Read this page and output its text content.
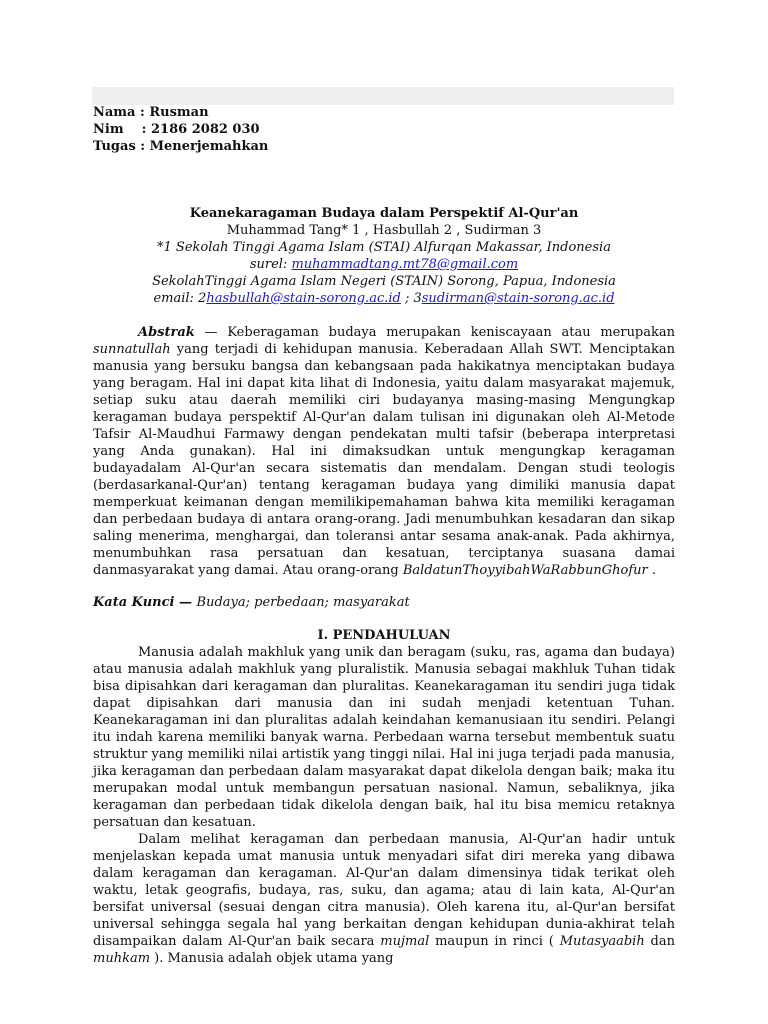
Nama : Rusman
Nim    : 2186 2082 030
Tugas : Menerjemahkan
Keanekaragaman Budaya dalam Perspektif Al-Qur'an
Muhammad Tang* 1 , Hasbullah 2 , Sudirman 3
*1 Sekolah Tinggi Agama Islam (STAI) Alfurqan Makassar, Indonesia
surel: muhammadtang.mt78@gmail.com
SekolahTinggi Agama Islam Negeri (STAIN) Sorong, Papua, Indonesia
email: 2hasbullah@stain-sorong.ac.id ; 3sudirman@stain-sorong.ac.id

Abstrak — Keberagaman budaya merupakan keniscayaan atau merupakan sunnatullah yang terjadi di kehidupan manusia. Keberadaan Allah SWT. Menciptakan manusia yang bersuku bangsa dan kebangsaan pada hakikatnya menciptakan budaya yang beragam. Hal ini dapat kita lihat di Indonesia, yaitu dalam masyarakat majemuk, setiap suku atau daerah memiliki ciri budayanya masing-masing Mengungkap keragaman budaya perspektif Al-Qur'an dalam tulisan ini digunakan oleh Al-Metode Tafsir Al-Maudhui Farmawy dengan pendekatan multi tafsir (beberapa interpretasi yang Anda gunakan). Hal ini dimaksudkan untuk mengungkap keragaman budayadalam Al-Qur'an secara sistematis dan mendalam. Dengan studi teologis (berdasarkanal-Qur'an) tentang keragaman budaya yang dimiliki manusia dapat memperkuat keimanan dengan memilikipemahaman bahwa kita memiliki keragaman dan perbedaan budaya di antara orang-orang. Jadi menumbuhkan kesadaran dan sikap saling menerima, menghargai, dan toleransi antar sesama anak-anak. Pada akhirnya, menumbuhkan rasa persatuan dan kesatuan, terciptanya suasana damai danmasyarakat yang damai. Atau orang-orang BaldatunThoyyibahWaRabbunGhofur .

Kata Kunci — Budaya; perbedaan; masyarakat

I. PENDAHULUAN

Manusia adalah makhluk yang unik dan beragam (suku, ras, agama dan budaya) atau manusia adalah makhluk yang pluralistik. Manusia sebagai makhluk Tuhan tidak bisa dipisahkan dari keragaman dan pluralitas. Keanekaragaman itu sendiri juga tidak dapat dipisahkan dari manusia dan ini sudah menjadi ketentuan Tuhan. Keanekaragaman ini dan pluralitas adalah keindahan kemanusiaan itu sendiri. Pelangi itu indah karena memiliki banyak warna. Perbedaan warna tersebut membentuk suatu struktur yang memiliki nilai artistik yang tinggi nilai. Hal ini juga terjadi pada manusia, jika keragaman dan perbedaan dalam masyarakat dapat dikelola dengan baik; maka itu merupakan modal untuk membangun persatuan nasional. Namun, sebaliknya, jika keragaman dan perbedaan tidak dikelola dengan baik, hal itu bisa memicu retaknya persatuan dan kesatuan.

Dalam melihat keragaman dan perbedaan manusia, Al-Qur'an hadir untuk menjelaskan kepada umat manusia untuk menyadari sifat diri mereka yang dibawa dalam keragaman dan keragaman. Al-Qur'an dalam dimensinya tidak terikat oleh waktu, letak geografis, budaya, ras, suku, dan agama; atau di lain kata, Al-Qur'an bersifat universal (sesuai dengan citra manusia). Oleh karena itu, al-Qur'an bersifat universal sehingga segala hal yang berkaitan dengan kehidupan dunia-akhirat telah disampaikan dalam Al-Qur'an baik secara mujmal maupun in rinci ( Mutasyaabih dan muhkam ). Manusia adalah objek utama yang
